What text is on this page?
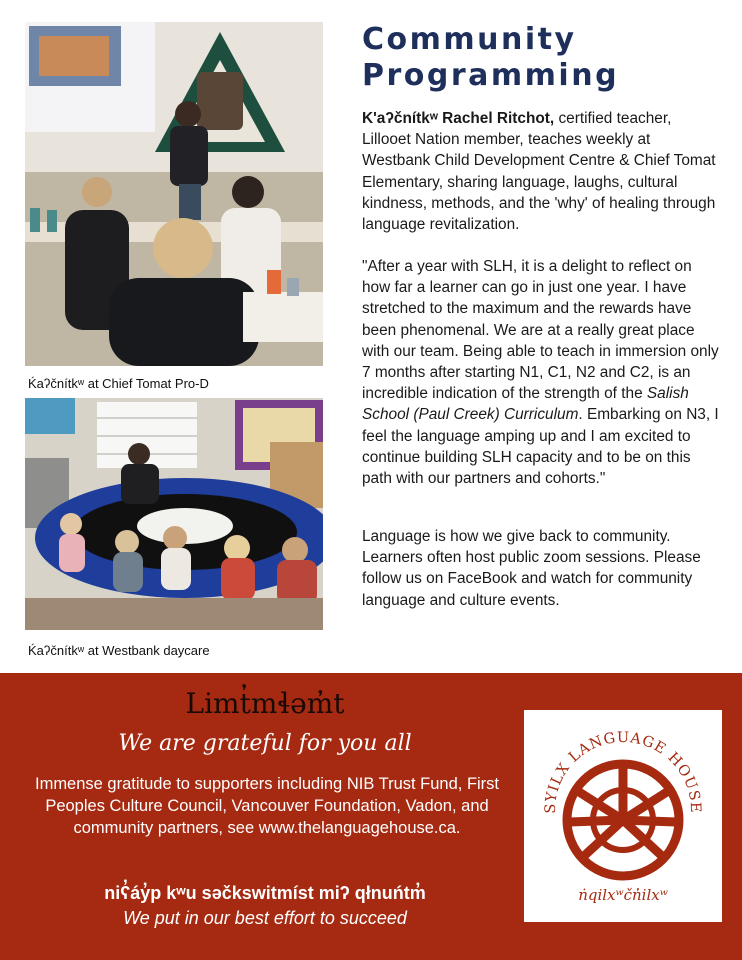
Ḱaʔčnítkʷ at Chief Tomat Pro-D
Ḱaʔčnítkʷ at Westbank daycare
Community
Programming

K'aʔčnítkʷ Rachel Ritchot, certified teacher, Lillooet Nation member, teaches weekly at Westbank Child Development Centre & Chief Tomat Elementary, sharing language, laughs, cultural kindness, methods, and the 'why' of healing through language revitalization.

"After a year with SLH, it is a delight to reflect on how far a learner can go in just one year. I have stretched to the maximum and the rewards have been phenomenal. We are at a really great place with our team. Being able to teach in immersion only 7 months after starting N1, C1, N2 and C2, is an incredible indication of the strength of the Salish School (Paul Creek) Curriculum. Embarking on N3, I feel the language amping up and I am excited to continue building SLH capacity and to be on this path with our partners and cohorts."

Language is how we give back to community. Learners often host public zoom sessions. Please follow us on FaceBook and watch for community language and culture events.

Limt̓mɬəm̓t
We are grateful for you all
Immense gratitude to supporters including NIB Trust Fund, First Peoples Culture Council, Vancouver Foundation, Vadon, and community partners, see www.thelanguagehouse.ca.
niʕ̓áy̓p kʷu səčkswitmíst miʔ qłnuńtm̓
We put in our best effort to succeed
SYILX LANGUAGE HOUSE
ṅqilxʷčn̓ilxʷ
